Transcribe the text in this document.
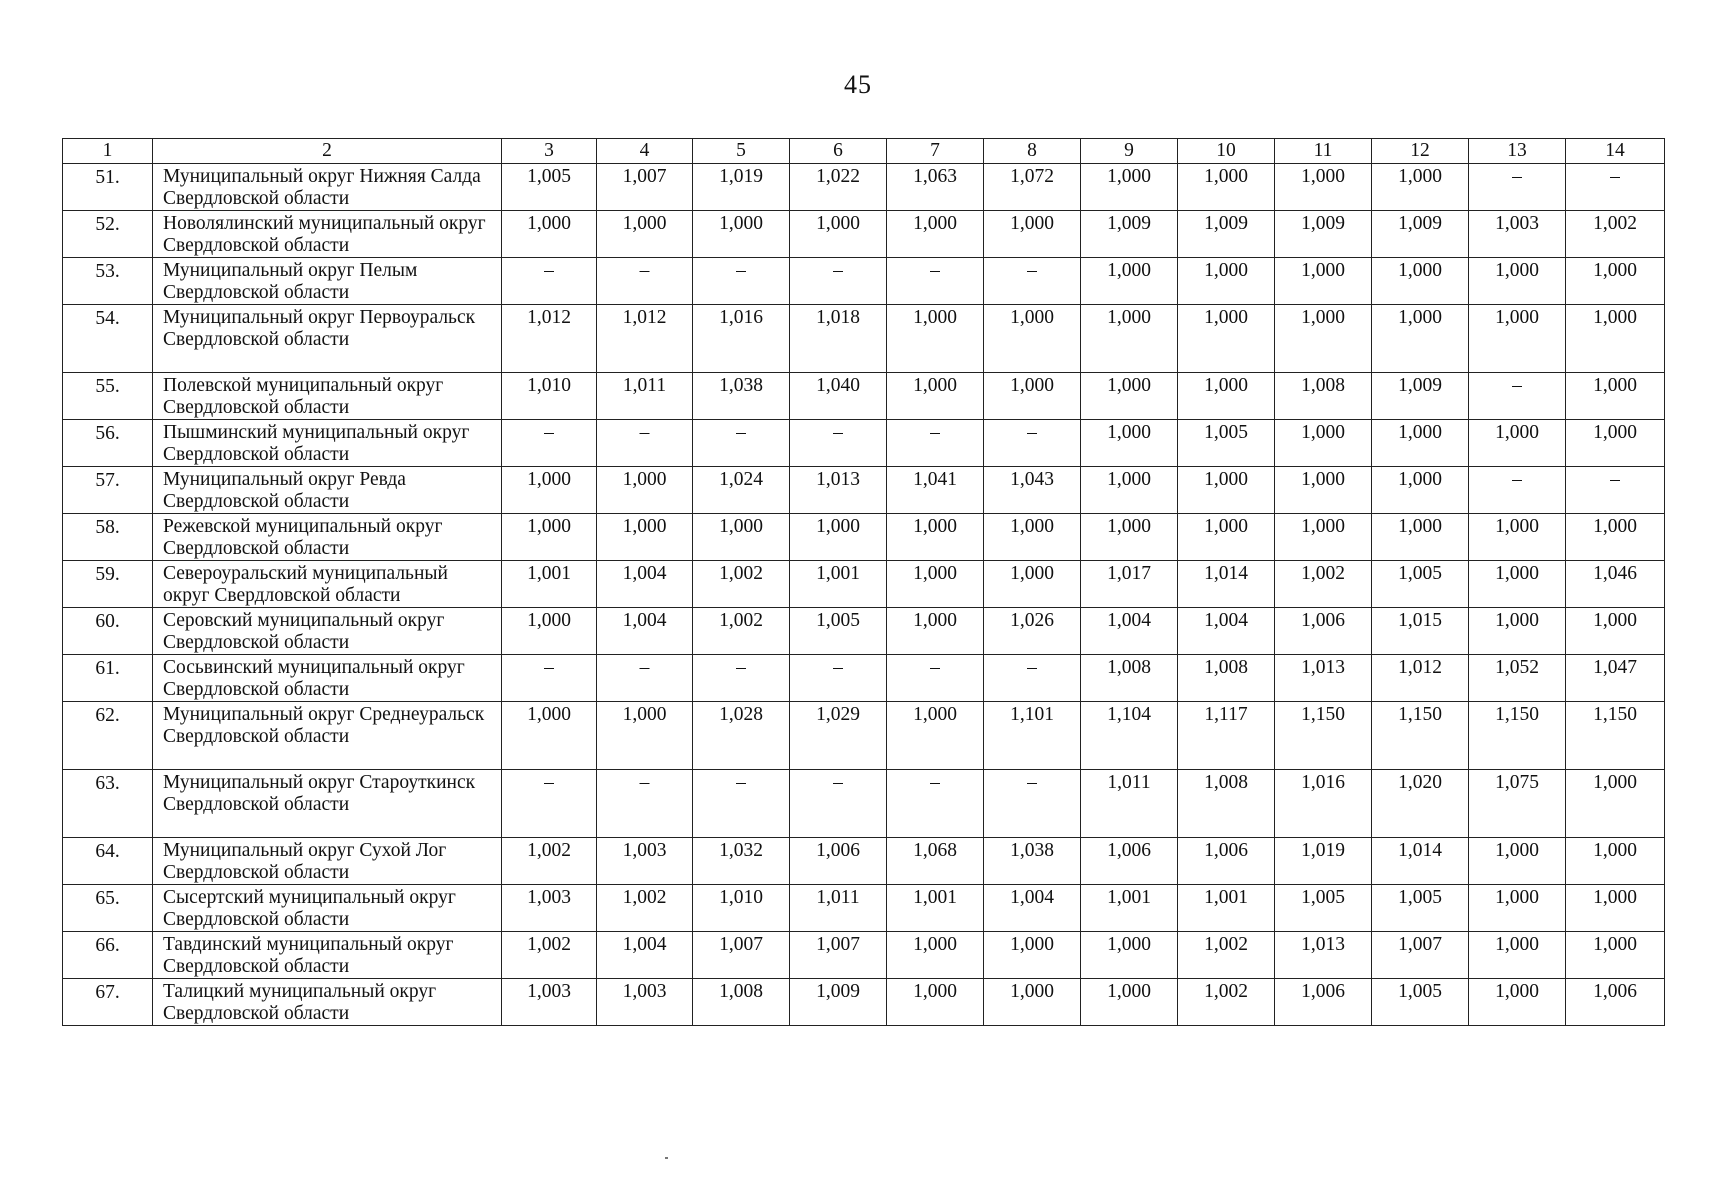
45
1	2	3	4	5	6	7	8	9	10	11	12	13	14
51.	Муниципальный округ Нижняя Салда Свердловской области	1,005	1,007	1,019	1,022	1,063	1,072	1,000	1,000	1,000	1,000	–	–
52.	Новолялинский муниципальный округ Свердловской области	1,000	1,000	1,000	1,000	1,000	1,000	1,009	1,009	1,009	1,009	1,003	1,002
53.	Муниципальный округ Пелым Свердловской области	–	–	–	–	–	–	1,000	1,000	1,000	1,000	1,000	1,000
54.	Муниципальный округ Первоуральск Свердловской области	1,012	1,012	1,016	1,018	1,000	1,000	1,000	1,000	1,000	1,000	1,000	1,000
55.	Полевской муниципальный округ Свердловской области	1,010	1,011	1,038	1,040	1,000	1,000	1,000	1,000	1,008	1,009	–	1,000
56.	Пышминский муниципальный округ Свердловской области	–	–	–	–	–	–	1,000	1,005	1,000	1,000	1,000	1,000
57.	Муниципальный округ Ревда Свердловской области	1,000	1,000	1,024	1,013	1,041	1,043	1,000	1,000	1,000	1,000	–	–
58.	Режевской муниципальный округ Свердловской области	1,000	1,000	1,000	1,000	1,000	1,000	1,000	1,000	1,000	1,000	1,000	1,000
59.	Североуральский муниципальный округ Свердловской области	1,001	1,004	1,002	1,001	1,000	1,000	1,017	1,014	1,002	1,005	1,000	1,046
60.	Серовский муниципальный округ Свердловской области	1,000	1,004	1,002	1,005	1,000	1,026	1,004	1,004	1,006	1,015	1,000	1,000
61.	Сосьвинский муниципальный округ Свердловской области	–	–	–	–	–	–	1,008	1,008	1,013	1,012	1,052	1,047
62.	Муниципальный округ Среднеуральск Свердловской области	1,000	1,000	1,028	1,029	1,000	1,101	1,104	1,117	1,150	1,150	1,150	1,150
63.	Муниципальный округ Староуткинск Свердловской области	–	–	–	–	–	–	1,011	1,008	1,016	1,020	1,075	1,000
64.	Муниципальный округ Сухой Лог Свердловской области	1,002	1,003	1,032	1,006	1,068	1,038	1,006	1,006	1,019	1,014	1,000	1,000
65.	Сысертский муниципальный округ Свердловской области	1,003	1,002	1,010	1,011	1,001	1,004	1,001	1,001	1,005	1,005	1,000	1,000
66.	Тавдинский муниципальный округ Свердловской области	1,002	1,004	1,007	1,007	1,000	1,000	1,000	1,002	1,013	1,007	1,000	1,000
67.	Талицкий муниципальный округ Свердловской области	1,003	1,003	1,008	1,009	1,000	1,000	1,000	1,002	1,006	1,005	1,000	1,006
